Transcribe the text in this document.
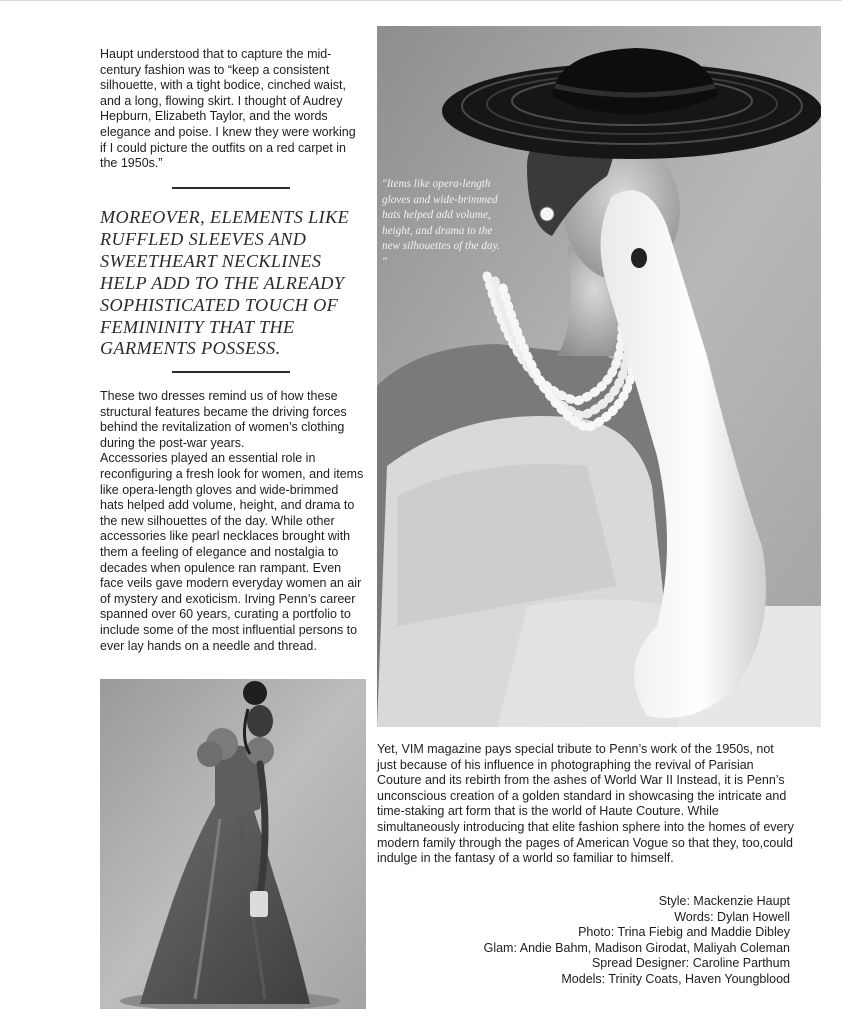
Haupt understood that to capture the mid-century fashion was to “keep a consistent silhouette, with a tight bodice, cinched waist, and a long, flowing skirt. I thought of Audrey Hepburn, Elizabeth Taylor, and the words elegance and poise. I knew they were working if I could picture the outfits on a red carpet in the 1950s.”
MOREOVER, ELEMENTS LIKE RUFFLED SLEEVES AND SWEETHEART NECKLINES HELP ADD TO THE ALREADY SOPHISTICATED TOUCH OF FEMININITY THAT THE GARMENTS POSSESS.

These two dresses remind us of how these structural features became the driving forces behind the revitalization of women’s clothing during the post-war years.

Accessories played an essential role in reconfiguring a fresh look for women, and items like opera-length gloves and wide-brimmed hats helped add volume, height, and drama to the new silhouettes of the day. While other accessories like pearl necklaces brought with them a feeling of elegance and nostalgia to decades when opulence ran rampant. Even face veils gave modern everyday women an air of mystery and exoticism. Irving Penn’s career spanned over 60 years, curating a portfolio to include some of the most influential persons to ever lay hands on a needle and thread.

"Items like opera-length gloves and wide-brimmed hats helped add volume, height, and drama to the new silhouettes of the day. "
Yet, VIM magazine pays special tribute to Penn’s work of the 1950s, not just because of his influence in photographing the revival of Parisian Couture and its rebirth from the ashes of World War II Instead, it is Penn’s unconscious creation of a golden standard in showcasing the intricate and time-staking art form that is the world of Haute Couture. While simultaneously introducing that elite fashion sphere into the homes of every modern family through the pages of American Vogue so that they, too,could indulge in the fantasy of a world so familiar to himself.
Style: Mackenzie Haupt
Words: Dylan Howell
Photo: Trina Fiebig and Maddie Dibley
Glam: Andie Bahm, Madison Girodat, Maliyah Coleman
Spread Designer: Caroline Parthum
Models: Trinity Coats, Haven Youngblood
